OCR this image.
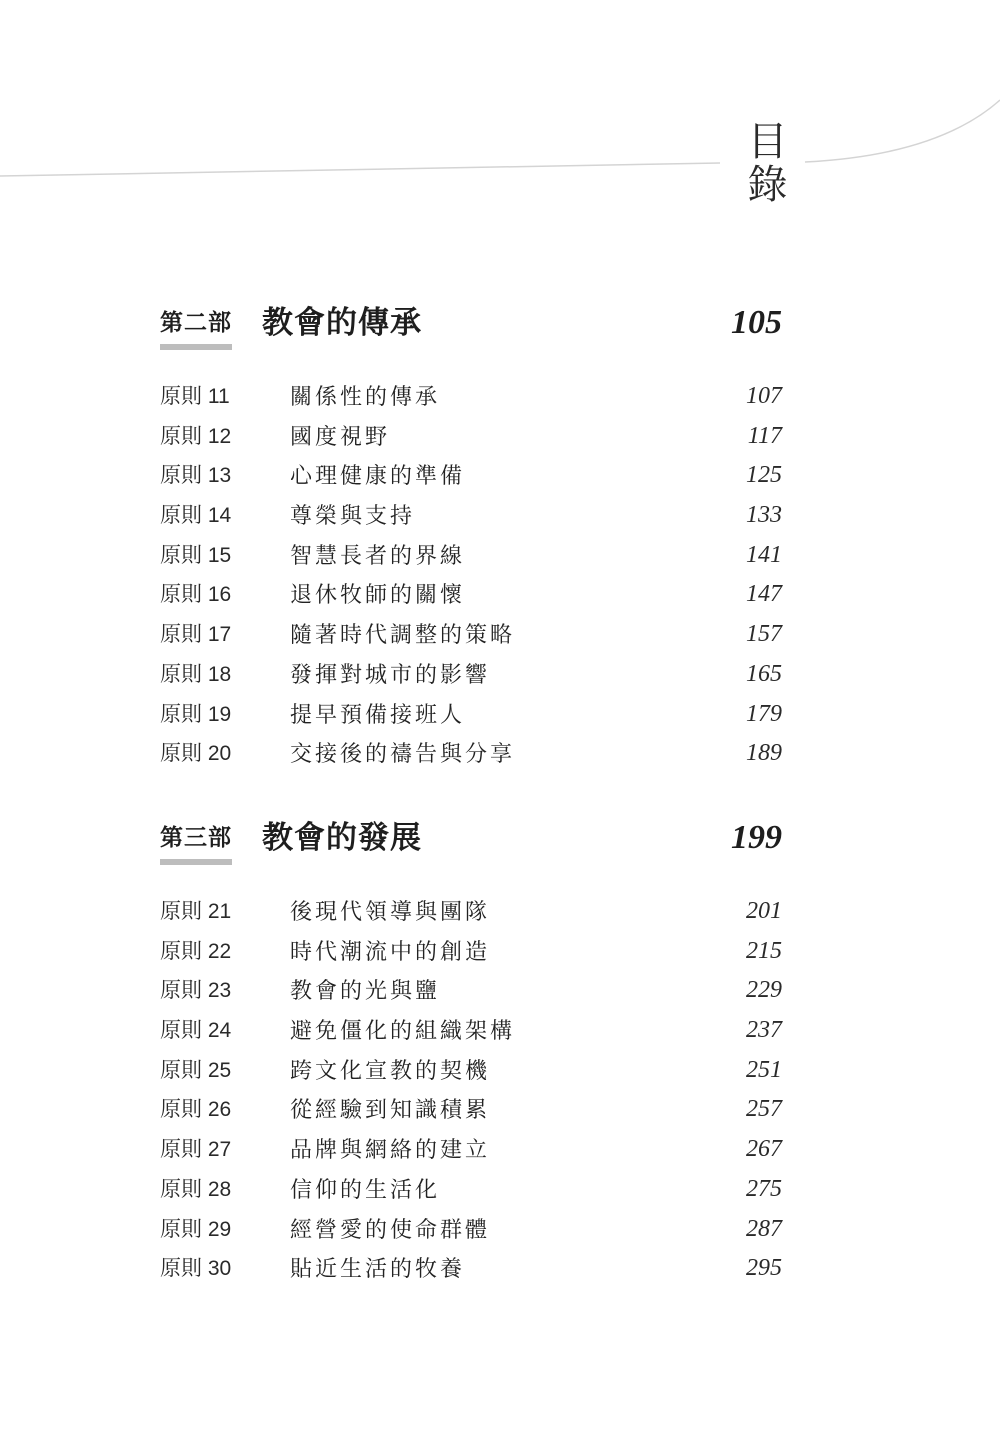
目錄
第二部 教會的傳承	105
原則 11	關係性的傳承	107
原則 12	國度視野	117
原則 13	心理健康的準備	125
原則 14	尊榮與支持	133
原則 15	智慧長者的界線	141
原則 16	退休牧師的關懷	147
原則 17	隨著時代調整的策略	157
原則 18	發揮對城市的影響	165
原則 19	提早預備接班人	179
原則 20	交接後的禱告與分享	189
第三部 教會的發展	199
原則 21	後現代領導與團隊	201
原則 22	時代潮流中的創造	215
原則 23	教會的光與鹽	229
原則 24	避免僵化的組織架構	237
原則 25	跨文化宣教的契機	251
原則 26	從經驗到知識積累	257
原則 27	品牌與網絡的建立	267
原則 28	信仰的生活化	275
原則 29	經營愛的使命群體	287
原則 30	貼近生活的牧養	295
